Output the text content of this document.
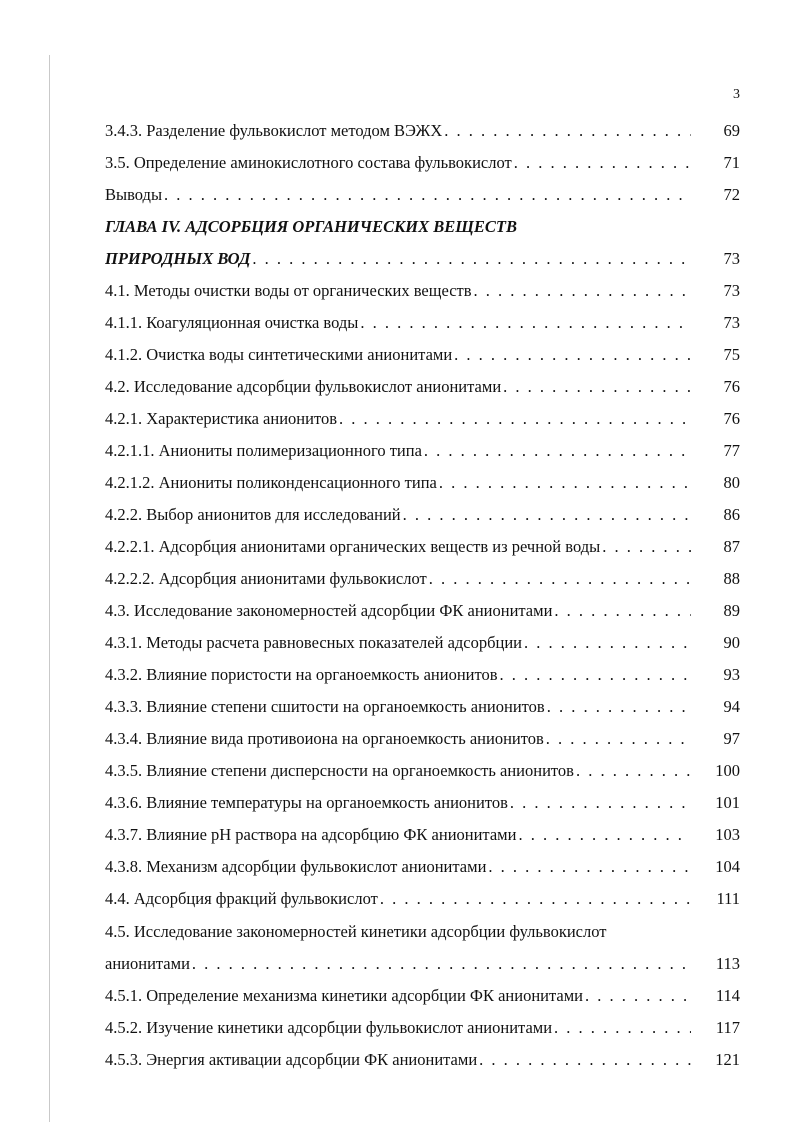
3
3.4.3. Разделение фульвокислот методом ВЭЖХ . . .	69
3.5. Определение аминокислотного состава фульвокислот . . .	71
Выводы . . .	72
ГЛАВА IV. АДСОРБЦИЯ ОРГАНИЧЕСКИХ ВЕЩЕСТВ
ПРИРОДНЫХ ВОД . . .	73
4.1. Методы очистки воды от органических веществ . . .	73
4.1.1. Коагуляционная очистка воды . . .	73
4.1.2. Очистка воды синтетическими анионитами . . .	75
4.2. Исследование адсорбции фульвокислот анионитами . . .	76
4.2.1. Характеристика анионитов . . .	76
4.2.1.1. Аниониты полимеризационного типа . . .	77
4.2.1.2. Аниониты поликонденсационного типа . . .	80
4.2.2. Выбор анионитов для исследований . . .	86
4.2.2.1. Адсорбция анионитами органических веществ из речной воды . . .	87
4.2.2.2. Адсорбция анионитами фульвокислот . . .	88
4.3. Исследование закономерностей адсорбции ФК анионитами . . .	89
4.3.1. Методы расчета равновесных показателей адсорбции . . .	90
4.3.2. Влияние пористости на органоемкость анионитов . . .	93
4.3.3. Влияние степени сшитости на органоемкость анионитов . . .	94
4.3.4. Влияние вида противоиона на органоемкость анионитов . . .	97
4.3.5. Влияние степени дисперсности на органоемкость анионитов . . .	100
4.3.6. Влияние температуры на органоемкость анионитов . . .	101
4.3.7. Влияние pH раствора на адсорбцию ФК анионитами . . .	103
4.3.8. Механизм адсорбции фульвокислот анионитами . . .	104
4.4. Адсорбция фракций фульвокислот . . .	111
4.5. Исследование закономерностей кинетики адсорбции фульвокислот
анионитами . . .	113
4.5.1. Определение механизма кинетики адсорбции ФК анионитами . . .	114
4.5.2. Изучение кинетики адсорбции фульвокислот анионитами . . .	117
4.5.3. Энергия активации адсорбции ФК анионитами . . .	121
